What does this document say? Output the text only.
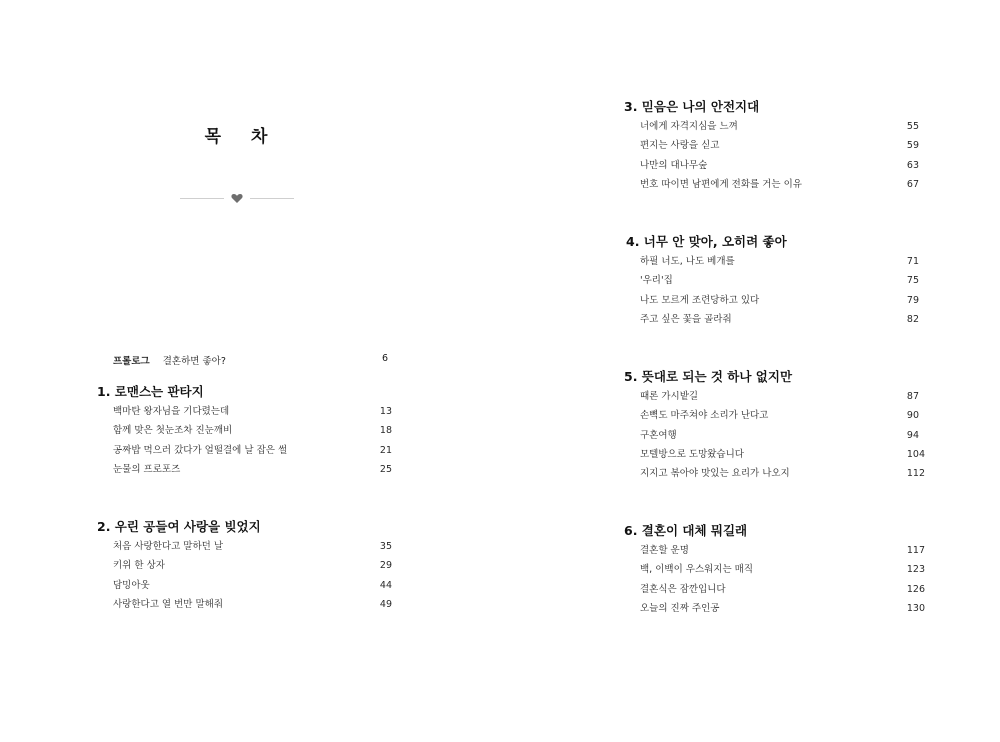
목 차
프롤로그 결혼하면 좋아?	6
1. 로맨스는 판타지
백마탄 왕자님을 기다렸는데	13
함께 맞은 첫눈조차 진눈깨비	18
공짜밥 먹으러 갔다가 얼떨결에 날 잡은 썰	21
눈물의 프로포즈	25
2. 우린 공들여 사랑을 빚었지
처음 사랑한다고 말하던 날	35
키위 한 상자	29
담밍아웃	44
사랑한다고 열 번만 말해줘	49
3. 믿음은 나의 안전지대
너에게 자격지심을 느껴	55
편지는 사랑을 싣고	59
나만의 대나무숲	63
번호 따이면 남편에게 전화를 거는 이유	67
4. 너무 안 맞아, 오히려 좋아
하필 너도, 나도 베개를	71
'우리'집	75
나도 모르게 조련당하고 있다	79
주고 싶은 꽃을 골라줘	82
5. 뜻대로 되는 것 하나 없지만
때론 가시밭길	87
손뼉도 마주쳐야 소리가 난다고	90
구혼여행	94
모텔방으로 도망왔습니다	104
지지고 볶아야 맛있는 요리가 나오지	112
6. 결혼이 대체 뭐길래
결혼할 운명	117
백, 이백이 우스워지는 매직	123
결혼식은 잠깐입니다	126
오늘의 진짜 주인공	130
